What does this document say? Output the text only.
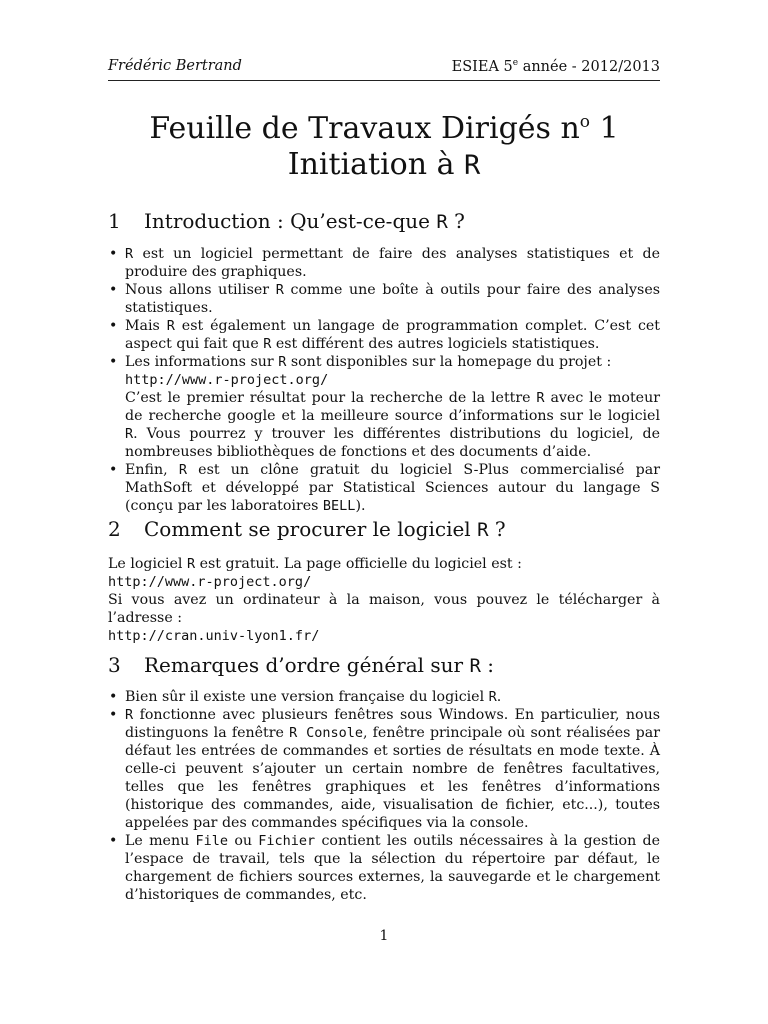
Frédéric Bertrand	ESIEA 5e année - 2012/2013
Feuille de Travaux Dirigés $n^o$ 1
Initiation à R
1 Introduction : Qu’est-ce-que R ?
• R est un logiciel permettant de faire des analyses statistiques et de produire des graphiques.
• Nous allons utiliser R comme une boîte à outils pour faire des analyses statistiques.
• Mais R est également un langage de programmation complet. C’est cet aspect qui fait que R est différent des autres logiciels statistiques.
• Les informations sur R sont disponibles sur la homepage du projet :
http://www.r-project.org/
C’est le premier résultat pour la recherche de la lettre R avec le moteur de recherche google et la meilleure source d’informations sur le logiciel R. Vous pourrez y trouver les différentes distributions du logiciel, de nombreuses bibliothèques de fonctions et des documents d’aide.
• Enfin, R est un clône gratuit du logiciel S-Plus commercialisé par MathSoft et développé par Statistical Sciences autour du langage S (conçu par les laboratoires BELL).
2 Comment se procurer le logiciel R ?
Le logiciel R est gratuit. La page officielle du logiciel est :
http://www.r-project.org/
Si vous avez un ordinateur à la maison, vous pouvez le télécharger à l’adresse :
http://cran.univ-lyon1.fr/
3 Remarques d’ordre général sur R :
• Bien sûr il existe une version française du logiciel R.
• R fonctionne avec plusieurs fenêtres sous Windows. En particulier, nous distinguons la fenêtre R Console, fenêtre principale où sont réalisées par défaut les entrées de commandes et sorties de résultats en mode texte. À celle-ci peuvent s’ajouter un certain nombre de fenêtres facultatives, telles que les fenêtres graphiques et les fenêtres d’informations (historique des commandes, aide, visualisation de fichier, etc...), toutes appelées par des commandes spécifiques via la console.
• Le menu File ou Fichier contient les outils nécessaires à la gestion de l’espace de travail, tels que la sélection du répertoire par défaut, le chargement de fichiers sources externes, la sauvegarde et le chargement d’historiques de commandes, etc.
1
